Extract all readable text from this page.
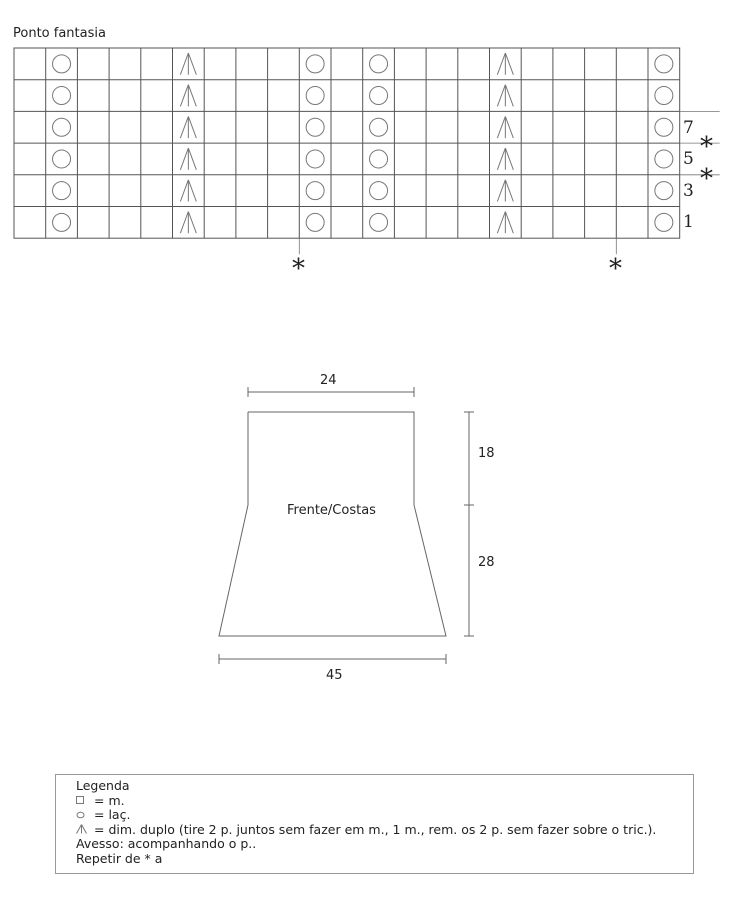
Ponto fantasia
7
5
3
1
*
*
*	*
24
45
18
28
Frente/Costas
Legenda
= m.
= laç.
= dim. duplo (tire 2 p. juntos sem fazer em m., 1 m., rem. os 2 p. sem fazer sobre o tric.).
Avesso: acompanhando o p..
Repetir de * a
